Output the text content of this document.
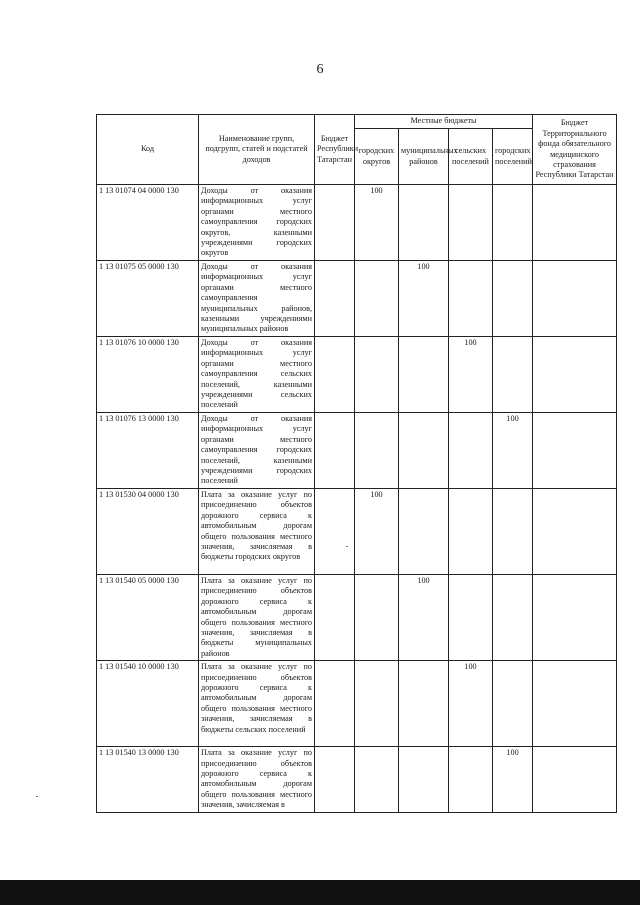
6
Код	Наименование групп, подгрупп, статей и подстатей доходов	Бюджет Республики Татарстан	Местные бюджеты				Бюджет Территориального фонда обязательного медицинского страхования Республики Татарстан
			городских округов	муниципальных районов	сельских поселений	городских поселений	
1 13 01074 04 0000 130	Доходы от оказания информационных услуг органами местного самоуправления городских округов, казенными учреждениями городских округов		100				
1 13 01075 05 0000 130	Доходы от оказания информационных услуг органами местного самоуправления муниципальных районов, казенными учреждениями муниципальных районов			100			
1 13 01076 10 0000 130	Доходы от оказания информационных услуг органами местного самоуправления сельских поселений, казенными учреждениями сельских поселений				100		
1 13 01076 13 0000 130	Доходы от оказания информационных услуг органами местного самоуправления городских поселений, казенными учреждениями городских поселений					100	
1 13 01530 04 0000 130	Плата за оказание услуг по присоединению объектов дорожного сервиса к автомобильным дорогам общего пользования местного значения, зачисляемая в бюджеты городских округов		100				
1 13 01540 05 0000 130	Плата за оказание услуг по присоединению объектов дорожного сервиса к автомобильным дорогам общего пользования местного значения, зачисляемая в бюджеты муниципальных районов			100			
1 13 01540 10 0000 130	Плата за оказание услуг по присоединению объектов дорожного сервиса к автомобильным дорогам общего пользования местного значения, зачисляемая в бюджеты сельских поселений				100		
1 13 01540 13 0000 130	Плата за оказание услуг по присоединению объектов дорожного сервиса к автомобильным дорогам общего пользования местного значения, зачисляемая в					100	
